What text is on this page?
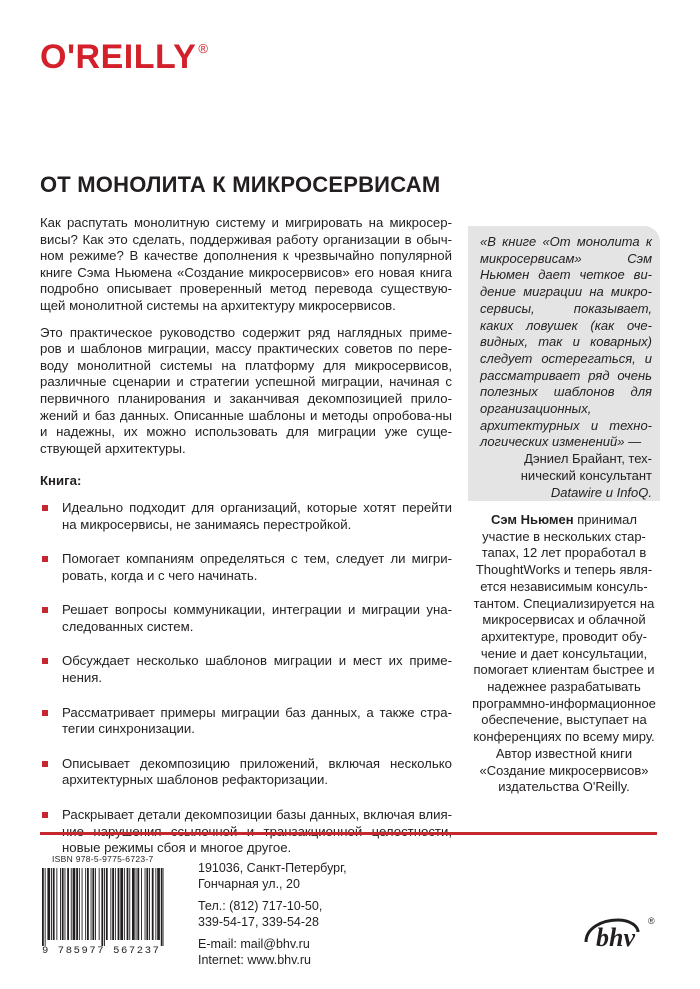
O'REILLY ®
ОТ МОНОЛИТА К МИКРОСЕРВИСАМ

Как распутать монолитную систему и мигрировать на микросер-висы? Как это сделать, поддерживая работу организации в обыч-ном режиме? В качестве дополнения к чрезвычайно популярной книге Сэма Ньюмена «Создание микросервисов» его новая книга подробно описывает проверенный метод перевода существую-щей монолитной системы на архитектуру микросервисов.

Это практическое руководство содержит ряд наглядных приме-ров и шаблонов миграции, массу практических советов по пере-воду монолитной системы на платформу для микросервисов, различные сценарии и стратегии успешной миграции, начиная с первичного планирования и заканчивая декомпозицией прило-жений и баз данных. Описанные шаблоны и методы опробова-ны и надежны, их можно использовать для миграции уже суще-ствующей архитектуры.

Книга:
Идеально подходит для организаций, которые хотят перейти на микросервисы, не занимаясь перестройкой.
Помогает компаниям определяться с тем, следует ли мигри-ровать, когда и с чего начинать.
Решает вопросы коммуникации, интеграции и миграции уна-следованных систем.
Обсуждает несколько шаблонов миграции и мест их приме-нения.
Рассматривает примеры миграции баз данных, а также стра-тегии синхронизации.
Описывает декомпозицию приложений, включая несколько архитектурных шаблонов рефакторизации.
Раскрывает детали декомпозиции базы данных, включая влия- новые режимы сбоя и многое другое.
«В книге «От монолита к микросервисам» Сэм Ньюмен дает четкое ви-дение миграции на микро-сервисы, показывает, каких ловушек (как оче-видных, так и коварных) следует остерегаться, и рассматривает ряд очень полезных шаблонов для организационных, архитектурных и техно-логических изменений» —
Дэниел Брайант, тех-нический консультант
Datawire и InfoQ.
Сэм Ньюмен принимал участие в нескольких стар-тапах, 12 лет проработал в ThoughtWorks и теперь явля-ется независимым консуль-тантом. Специализируется на микросервисах и облачной архитектуре, проводит обу-чение и дает консультации, помогает клиентам быстрее и надежнее разрабатывать программно-информационное обеспечение, выступает на конференциях по всему миру. Автор известной книги «Создание микросервисов» издательства O'Reilly.
ISBN 978-5-9775-6723-7
9 785977 567237
191036, Санкт-Петербург,
Гончарная ул., 20
Тел.: (812) 717-10-50,
339-54-17, 339-54-28
E-mail: mail@bhv.ru
Internet: www.bhv.ru
bhv
®
